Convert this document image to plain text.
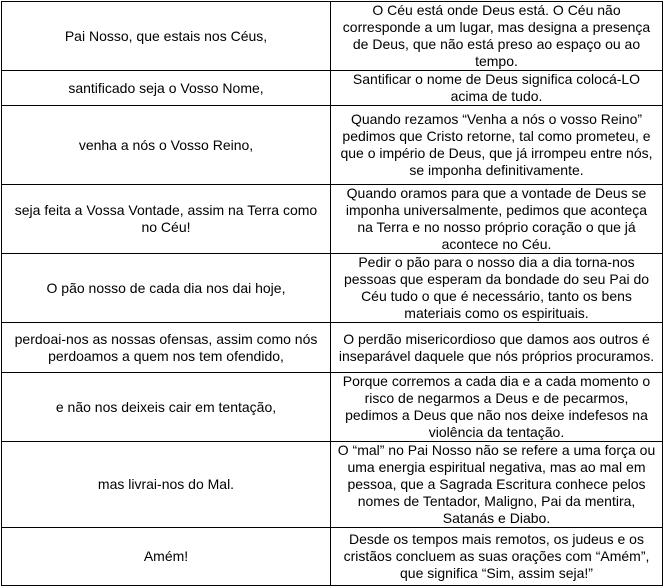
Pai Nosso, que estais nos Céus,	O Céu está onde Deus está. O Céu não corresponde a um lugar, mas designa a presença de Deus, que não está preso ao espaço ou ao tempo.
santificado seja o Vosso Nome,	Santificar o nome de Deus significa colocá-LO acima de tudo.
venha a nós o Vosso Reino,	Quando rezamos “Venha a nós o vosso Reino” pedimos que Cristo retorne, tal como prometeu, e que o império de Deus, que já irrompeu entre nós, se imponha definitivamente.
seja feita a Vossa Vontade, assim na Terra como no Céu!	Quando oramos para que a vontade de Deus se imponha universalmente, pedimos que aconteça na Terra e no nosso próprio coração o que já acontece no Céu.
O pão nosso de cada dia nos dai hoje,	Pedir o pão para o nosso dia a dia torna-nos pessoas que esperam da bondade do seu Pai do Céu tudo o que é necessário, tanto os bens materiais como os espirituais.
perdoai-nos as nossas ofensas, assim como nós perdoamos a quem nos tem ofendido,	O perdão misericordioso que damos aos outros é inseparável daquele que nós próprios procuramos.
e não nos deixeis cair em tentação,	Porque corremos a cada dia e a cada momento o risco de negarmos a Deus e de pecarmos, pedimos a Deus que não nos deixe indefesos na violência da tentação.
mas livrai-nos do Mal.	O “mal” no Pai Nosso não se refere a uma força ou uma energia espiritual negativa, mas ao mal em pessoa, que a Sagrada Escritura conhece pelos nomes de Tentador, Maligno, Pai da mentira, Satanás e Diabo.
Amém!	Desde os tempos mais remotos, os judeus e os cristãos concluem as suas orações com “Amém”, que significa “Sim, assim seja!”
